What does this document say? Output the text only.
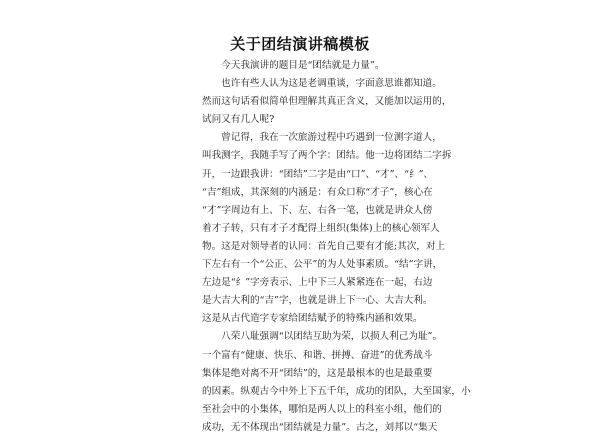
关于团结演讲稿模板
　　今天我演讲的题目是“团结就是力量”。
　　也许有些人认为这是老调重谈，字面意思谁都知道。
然而这句话看似简单但理解其真正含义，又能加以运用的，
试问又有几人呢?
　　曾记得，我在一次旅游过程中巧遇到一位测字道人，
叫我测字，我随手写了两个字：团结。他一边将团结二字拆
开，一边跟我讲：“团结”二字是由“口”、“才”、“纟”、
“吉”组成，其深刻的内涵是：有众口称“才子”，核心在
“才”字周边有上、下、左、右各一笔，也就是讲众人傍
着才子转，只有才子才配得上组织(集体)上的核心领军人
物。这是对领导者的认同：首先自己要有才能;其次，对上
下左右有一个“公正、公平”的为人处事素质。“结”字讲，
左边是“纟”字旁表示、上中下三人紧紧连在一起，右边
是大吉大利的“吉”字，也就是讲上下一心、大吉大利。
这是从古代造字专家给团结赋予的特殊内涵和效果。
　　八荣八耻强调“以团结互助为荣，以损人利己为耻”。
一个富有“健康、快乐、和谐、拼搏、奋进”的优秀战斗
集体是绝对离不开“团结”的，这是最根本的也是最重要
的因素。纵观古今中外上下五千年，成功的团队，大至国家，小
至社会中的小集体，哪怕是两人以上的科室小组，他们的
成功，无不体现出“团结就是力量”。古之，刘邦以“集天
